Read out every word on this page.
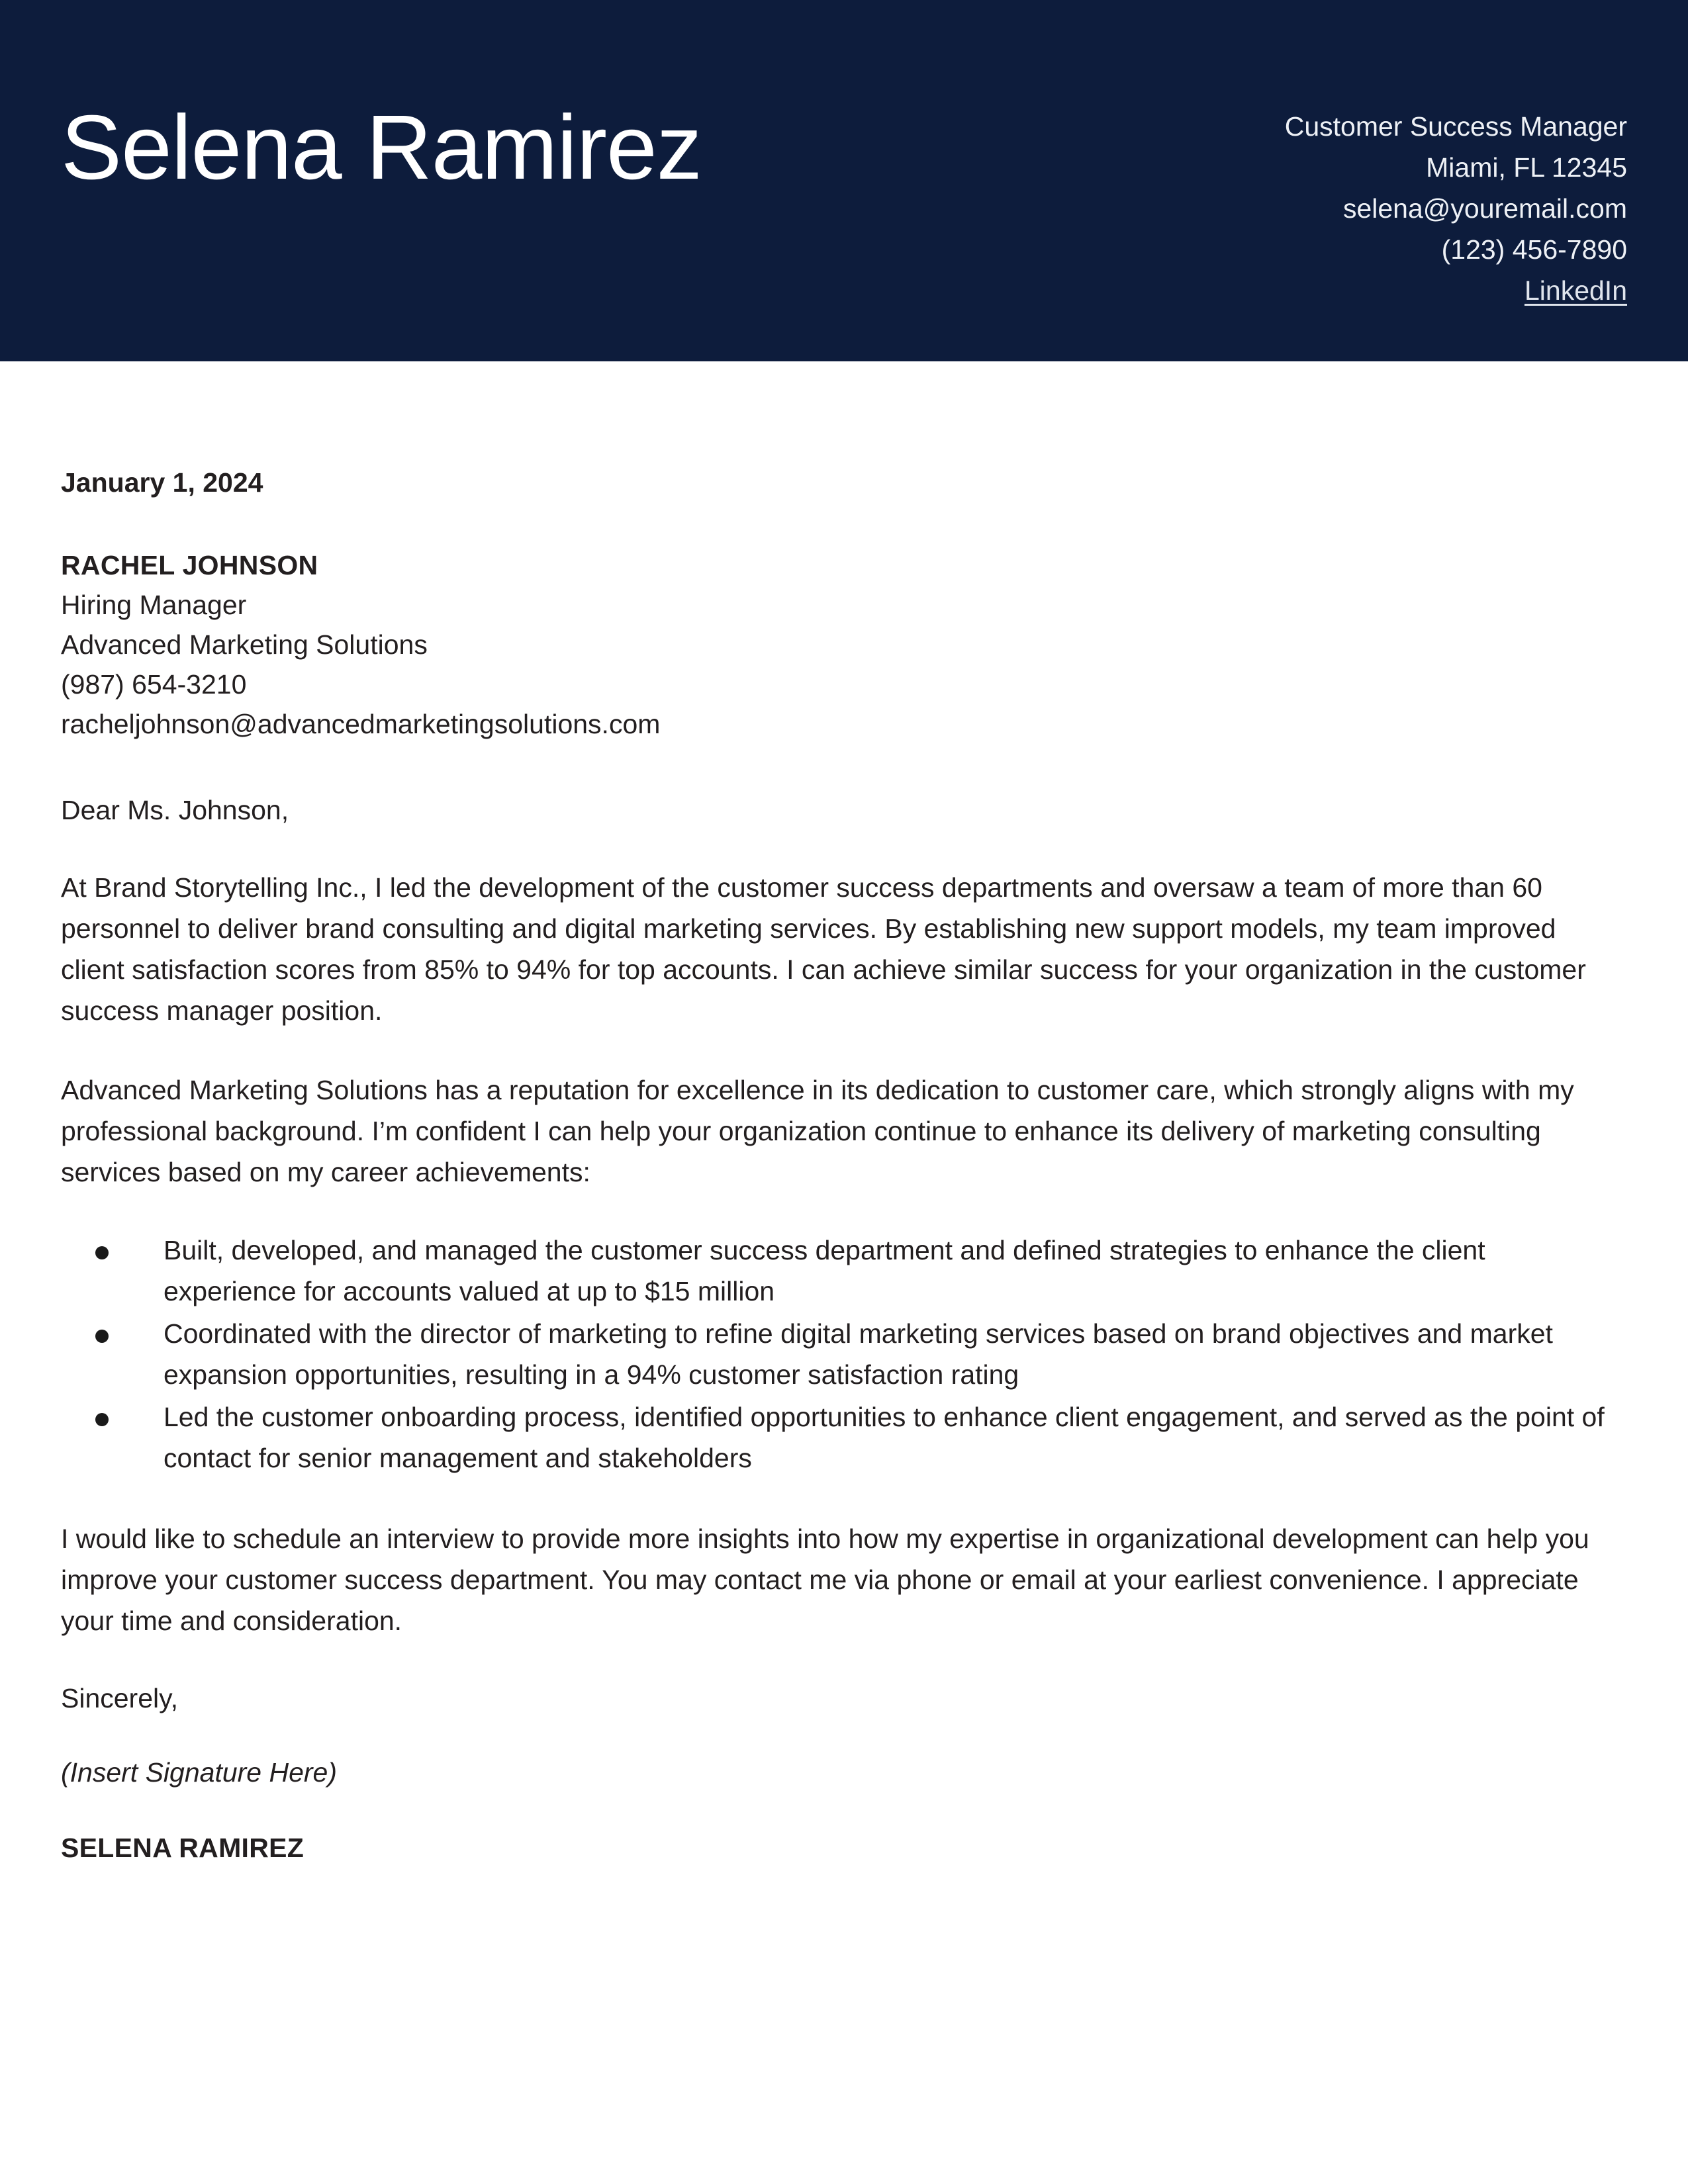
Selena Ramirez	Customer Success Manager
Miami, FL 12345
selena@youremail.com
(123) 456-7890
LinkedIn
January 1, 2024
RACHEL JOHNSON
Hiring Manager
Advanced Marketing Solutions
(987) 654-3210
racheljohnson@advancedmarketingsolutions.com
Dear Ms. Johnson,

At Brand Storytelling Inc., I led the development of the customer success departments and oversaw a team of more than 60 personnel to deliver brand consulting and digital marketing services. By establishing new support models, my team improved client satisfaction scores from 85% to 94% for top accounts. I can achieve similar success for your organization in the customer success manager position.

Advanced Marketing Solutions has a reputation for excellence in its dedication to customer care, which strongly aligns with my professional background. I’m confident I can help your organization continue to enhance its delivery of marketing consulting services based on my career achievements:

Built, developed, and managed the customer success department and defined strategies to enhance the client experience for accounts valued at up to $15 million
Coordinated with the director of marketing to refine digital marketing services based on brand objectives and market expansion opportunities, resulting in a 94% customer satisfaction rating
Led the customer onboarding process, identified opportunities to enhance client engagement, and served as the point of contact for senior management and stakeholders

I would like to schedule an interview to provide more insights into how my expertise in organizational development can help you improve your customer success department. You may contact me via phone or email at your earliest convenience. I appreciate your time and consideration.

Sincerely,
(Insert Signature Here)
SELENA RAMIREZ
